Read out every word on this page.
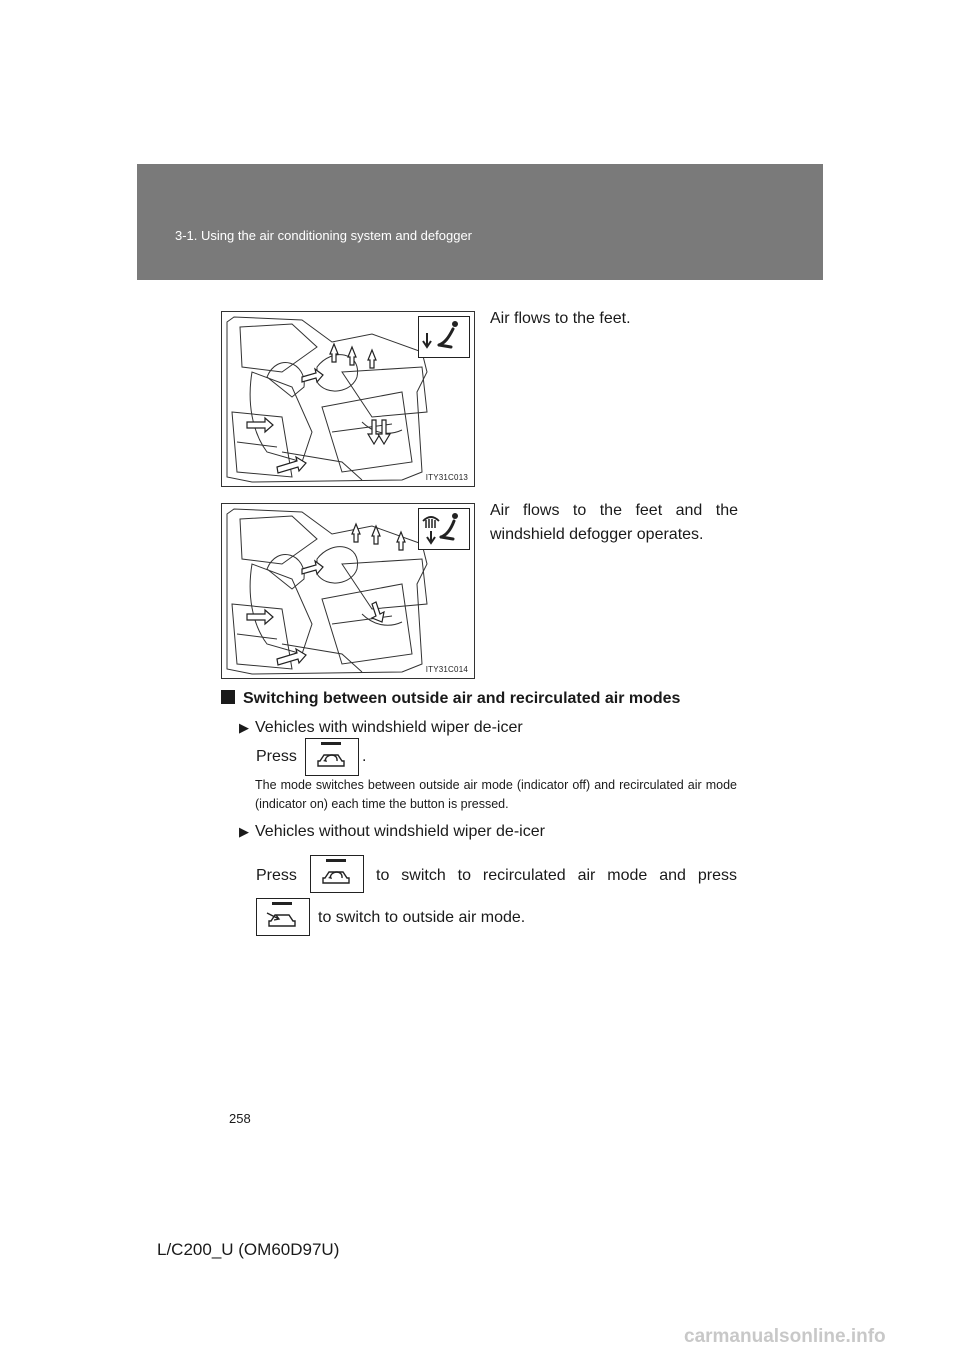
3-1. Using the air conditioning system and defogger
ITY31C013
Air flows to the feet.
ITY31C014
Air flows to the feet and the windshield defogger operates.
Switching between outside air and recirculated air modes
▶ Vehicles with windshield wiper de-icer
Press	.
The mode switches between outside air mode (indicator off) and recirculated air mode (indicator on) each time the button is pressed.
▶ Vehicles without windshield wiper de-icer
Press	to switch to recirculated air mode and press
to switch to outside air mode.
258
L/C200_U (OM60D97U)
carmanualsonline.info
